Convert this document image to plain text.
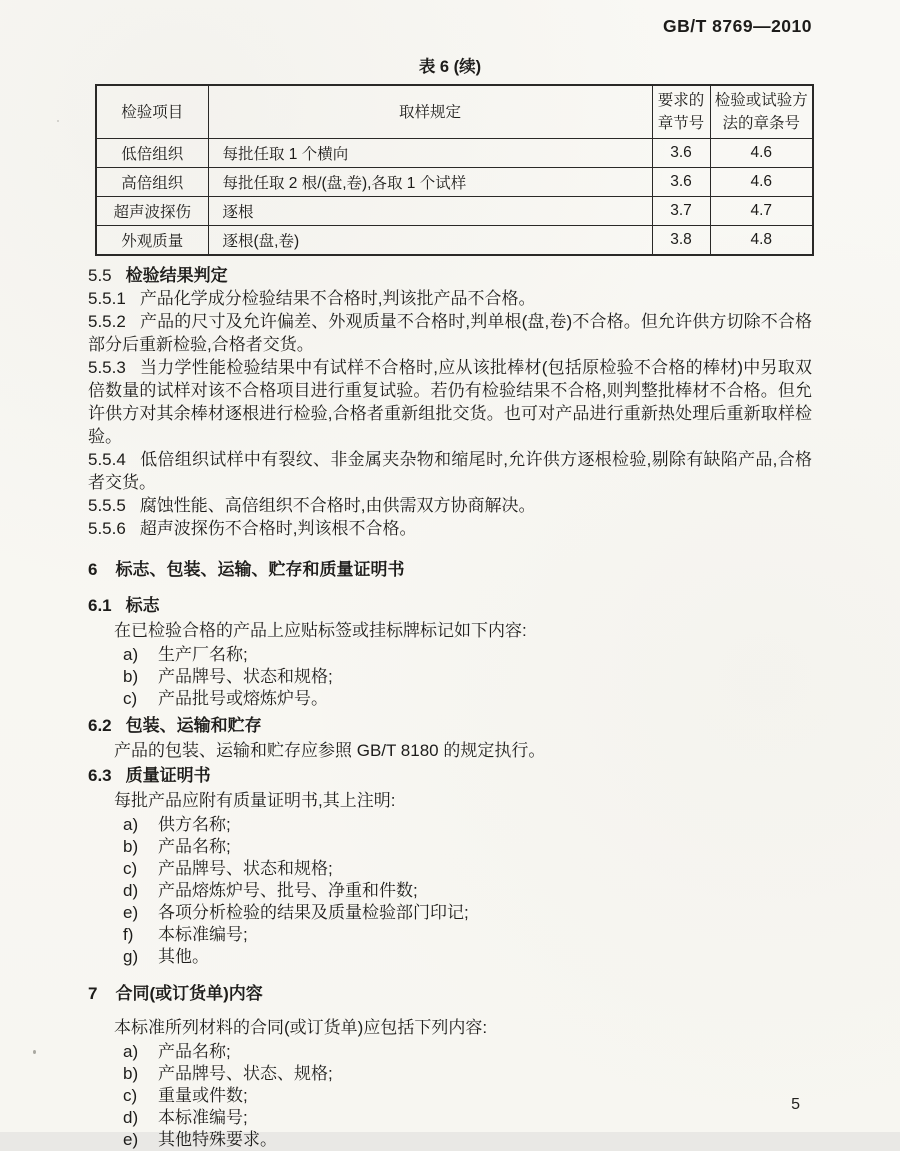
GB/T 8769—2010
表 6 (续)
检验项目	取样规定	要求的章节号	检验或试验方法的章条号
低倍组织	每批任取 1 个横向	3.6	4.6
高倍组织	每批任取 2 根/(盘,卷),各取 1 个试样	3.6	4.6
超声波探伤	逐根	3.7	4.7
外观质量	逐根(盘,卷)	3.8	4.8
5.5 检验结果判定

5.5.1 产品化学成分检验结果不合格时,判该批产品不合格。

5.5.2 产品的尺寸及允许偏差、外观质量不合格时,判单根(盘,卷)不合格。但允许供方切除不合格部分后重新检验,合格者交货。

5.5.3 当力学性能检验结果中有试样不合格时,应从该批棒材(包括原检验不合格的棒材)中另取双倍数量的试样对该不合格项目进行重复试验。若仍有检验结果不合格,则判整批棒材不合格。但允许供方对其余棒材逐根进行检验,合格者重新组批交货。也可对产品进行重新热处理后重新取样检验。

5.5.4 低倍组织试样中有裂纹、非金属夹杂物和缩尾时,允许供方逐根检验,剔除有缺陷产品,合格者交货。

5.5.5 腐蚀性能、高倍组织不合格时,由供需双方协商解决。

5.5.6 超声波探伤不合格时,判该根不合格。

6 标志、包装、运输、贮存和质量证明书
6.1 标志

在已检验合格的产品上应贴标签或挂标牌标记如下内容:

a) 生产厂名称;
b) 产品牌号、状态和规格;
c) 产品批号或熔炼炉号。
6.2 包装、运输和贮存

产品的包装、运输和贮存应参照 GB/T 8180 的规定执行。

6.3 质量证明书

每批产品应附有质量证明书,其上注明:

a) 供方名称;
b) 产品名称;
c) 产品牌号、状态和规格;
d) 产品熔炼炉号、批号、净重和件数;
e) 各项分析检验的结果及质量检验部门印记;
f) 本标准编号;
g) 其他。
7 合同(或订货单)内容

本标准所列材料的合同(或订货单)应包括下列内容:

a) 产品名称;
b) 产品牌号、状态、规格;
c) 重量或件数;
d) 本标准编号;
e) 其他特殊要求。
5
